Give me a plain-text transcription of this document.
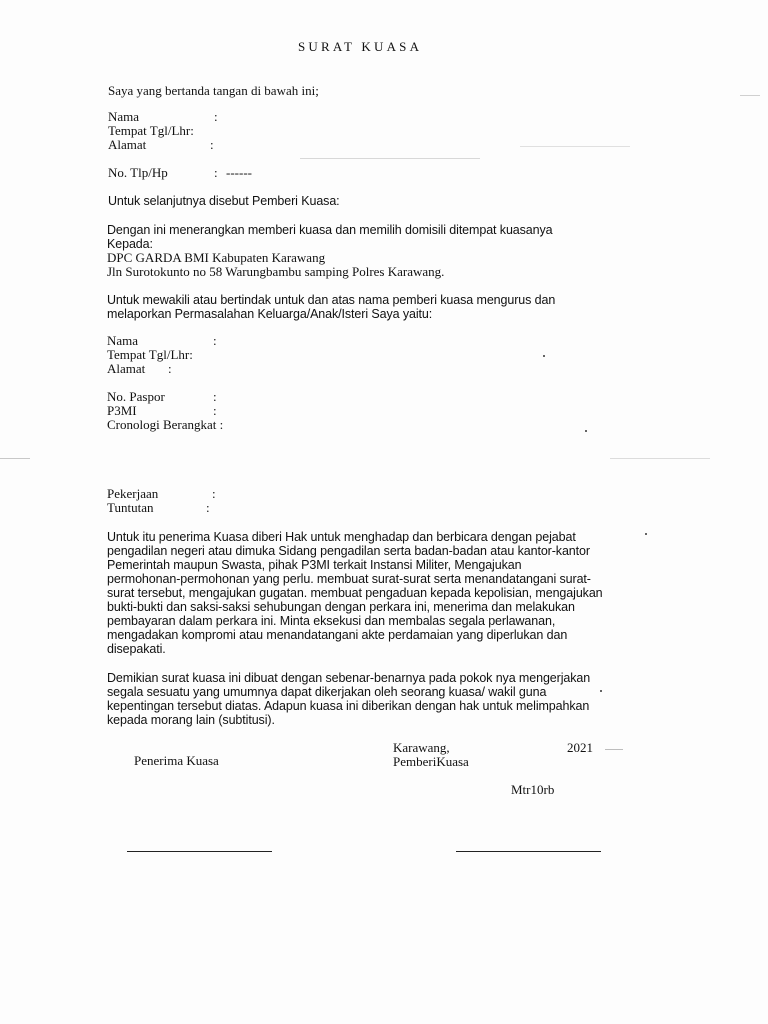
SURAT KUASA
Saya yang bertanda tangan di bawah ini;
Nama	:
Tempat Tgl/Lhr:
Alamat	:
No. Tlp/Hp	: ------
Untuk selanjutnya disebut Pemberi Kuasa:
Dengan ini menerangkan memberi kuasa dan memilih domisili ditempat kuasanya
Kepada:
DPC GARDA BMI Kabupaten Karawang
Jln Surotokunto no 58 Warungbambu samping Polres Karawang.
Untuk mewakili atau bertindak untuk dan atas nama pemberi kuasa mengurus dan
melaporkan Permasalahan Keluarga/Anak/Isteri Saya yaitu:
Nama	:
Tempat Tgl/Lhr:
Alamat :
No. Paspor	:
P3MI	:
Cronologi Berangkat :
Pekerjaan	:
Tuntutan	:
Untuk itu penerima Kuasa diberi Hak untuk menghadap dan berbicara dengan pejabat
pengadilan negeri atau dimuka Sidang pengadilan serta badan-badan atau kantor-kantor
Pemerintah maupun Swasta, pihak P3MI terkait Instansi Militer, Mengajukan
permohonan-permohonan yang perlu. membuat surat-surat serta menandatangani surat-
surat tersebut, mengajukan gugatan. membuat pengaduan kepada kepolisian, mengajukan
bukti-bukti dan saksi-saksi sehubungan dengan perkara ini, menerima dan melakukan
pembayaran dalam perkara ini. Minta eksekusi dan membalas segala perlawanan,
mengadakan kompromi atau menandatangani akte perdamaian yang diperlukan dan
disepakati.
Demikian surat kuasa ini dibuat dengan sebenar-benarnya pada pokok nya mengerjakan
segala sesuatu yang umumnya dapat dikerjakan oleh seorang kuasa/ wakil guna
kepentingan tersebut diatas. Adapun kuasa ini diberikan dengan hak untuk melimpahkan
kepada morang lain (subtitusi).
Karawang,	2021
Penerima Kuasa	PemberiKuasa
Mtr10rb
